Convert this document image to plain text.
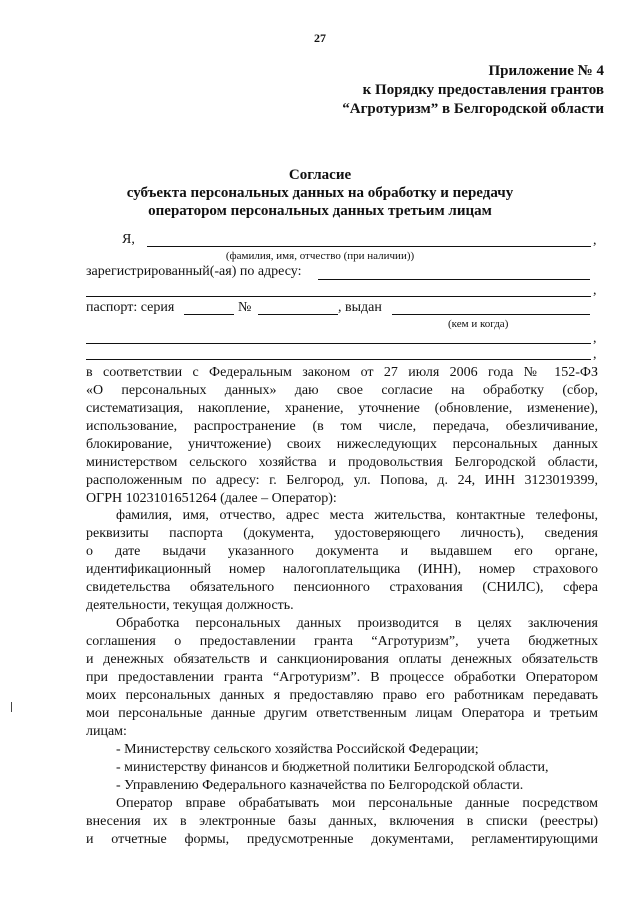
27
Приложение № 4
к Порядку предоставления грантов
“Агротуризм” в Белгородской области
Согласие
субъекта персональных данных на обработку и передачу
оператором персональных данных третьим лицам
Я,	,
(фамилия, имя, отчество (при наличии))
зарегистрированный(-ая) по адресу:
,
паспорт: серия	№	, выдан
(кем и когда)
,
,
в соответствии с Федеральным законом от 27 июля 2006 года № 152-ФЗ
«О персональных данных» даю свое согласие на обработку (сбор,
систематизация, накопление, хранение, уточнение (обновление, изменение),
использование, распространение (в том числе, передача, обезличивание,
блокирование, уничтожение) своих нижеследующих персональных данных
министерством сельского хозяйства и продовольствия Белгородской области,
расположенным по адресу: г. Белгород, ул. Попова, д. 24, ИНН 3123019399,
ОГРН 1023101651264 (далее – Оператор):
фамилия, имя, отчество, адрес места жительства, контактные телефоны,
реквизиты паспорта (документа, удостоверяющего личность), сведения
о дате выдачи указанного документа и выдавшем его органе,
идентификационный номер налогоплательщика (ИНН), номер страхового
свидетельства обязательного пенсионного страхования (СНИЛС), сфера
деятельности, текущая должность.
Обработка персональных данных производится в целях заключения
соглашения о предоставлении гранта “Агротуризм”, учета бюджетных
и денежных обязательств и санкционирования оплаты денежных обязательств
при предоставлении гранта “Агротуризм”. В процессе обработки Оператором
моих персональных данных я предоставляю право его работникам передавать
мои персональные данные другим ответственным лицам Оператора и третьим
лицам:
- Министерству сельского хозяйства Российской Федерации;
- министерству финансов и бюджетной политики Белгородской области,
- Управлению Федерального казначейства по Белгородской области.
Оператор вправе обрабатывать мои персональные данные посредством
внесения их в электронные базы данных, включения в списки (реестры)
и отчетные формы, предусмотренные документами, регламентирующими
